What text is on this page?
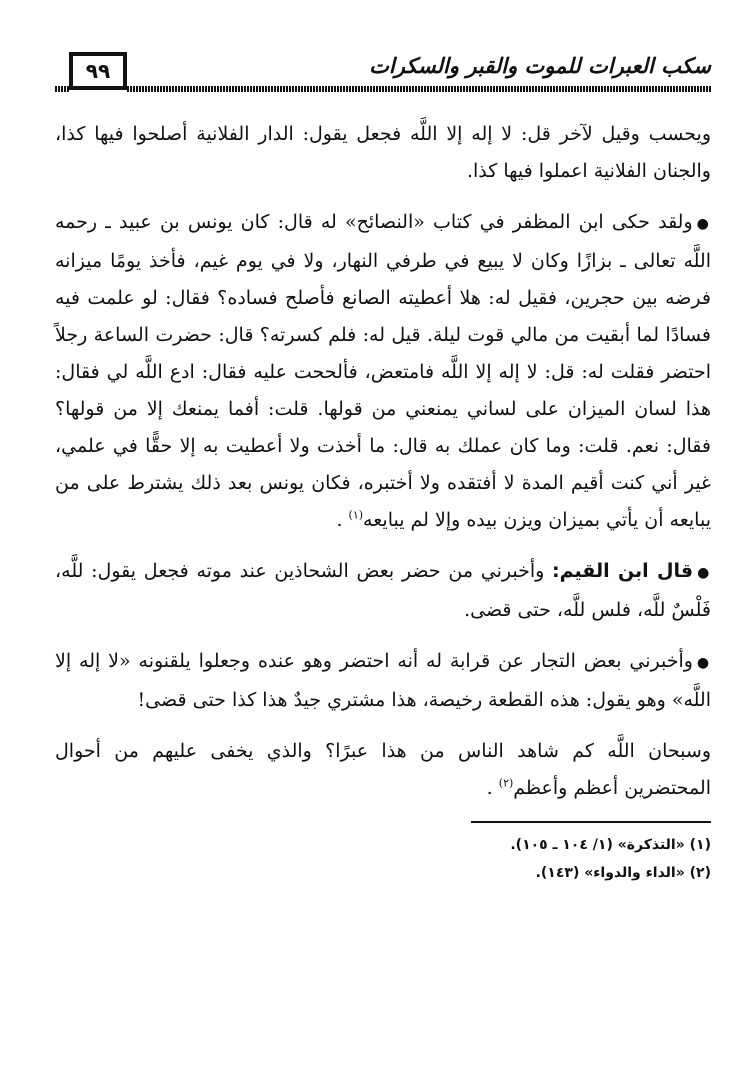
سكب العبرات للموت والقبر والسكرات
٩٩

ويحسب وقيل لآخر قل: لا إله إلا اللَّه فجعل يقول: الدار الفلانية أصلحوا فيها كذا، والجنان الفلانية اعملوا فيها كذا.

●ولقد حكى ابن المظفر في كتاب «النصائح» له قال: كان يونس بن عبيد ـ رحمه اللَّه تعالى ـ بزازًا وكان لا يبيع في طرفي النهار، ولا في يوم غيم، فأخذ يومًا ميزانه فرضه بين حجرين، فقيل له: هلا أعطيته الصانع فأصلح فساده؟ فقال: لو علمت فيه فسادًا لما أبقيت من مالي قوت ليلة. قيل له: فلم كسرته؟ قال: حضرت الساعة رجلاً احتضر فقلت له: قل: لا إله إلا اللَّه فامتعض، فألححت عليه فقال: ادع اللَّه لي فقال: هذا لسان الميزان على لساني يمنعني من قولها. قلت: أفما يمنعك إلا من قولها؟ فقال: نعم. قلت: وما كان عملك به قال: ما أخذت ولا أعطيت به إلا حقًّا في علمي، غير أني كنت أقيم المدة لا أفتقده ولا أختبره، فكان يونس بعد ذلك يشترط على من يبايعه أن يأتي بميزان ويزن بيده وإلا لم يبايعه$^{(١)}$ .

●قال ابن القيم: وأخبرني من حضر بعض الشحاذين عند موته فجعل يقول: للَّه، فَلْسٌ للَّه، فلس للَّه، حتى قضى.

●وأخبرني بعض التجار عن قرابة له أنه احتضر وهو عنده وجعلوا يلقنونه «لا إله إلا اللَّه» وهو يقول: هذه القطعة رخيصة، هذا مشتري جيدٌ هذا كذا حتى قضى!

وسبحان اللَّه كم شاهد الناس من هذا عبرًا؟ والذي يخفى عليهم من أحوال المحتضرين أعظم وأعظم$^{(٢)}$ .

(١) «التذكرة» (١/ ١٠٤ ـ ١٠٥).
(٢) «الداء والدواء» (١٤٣).
